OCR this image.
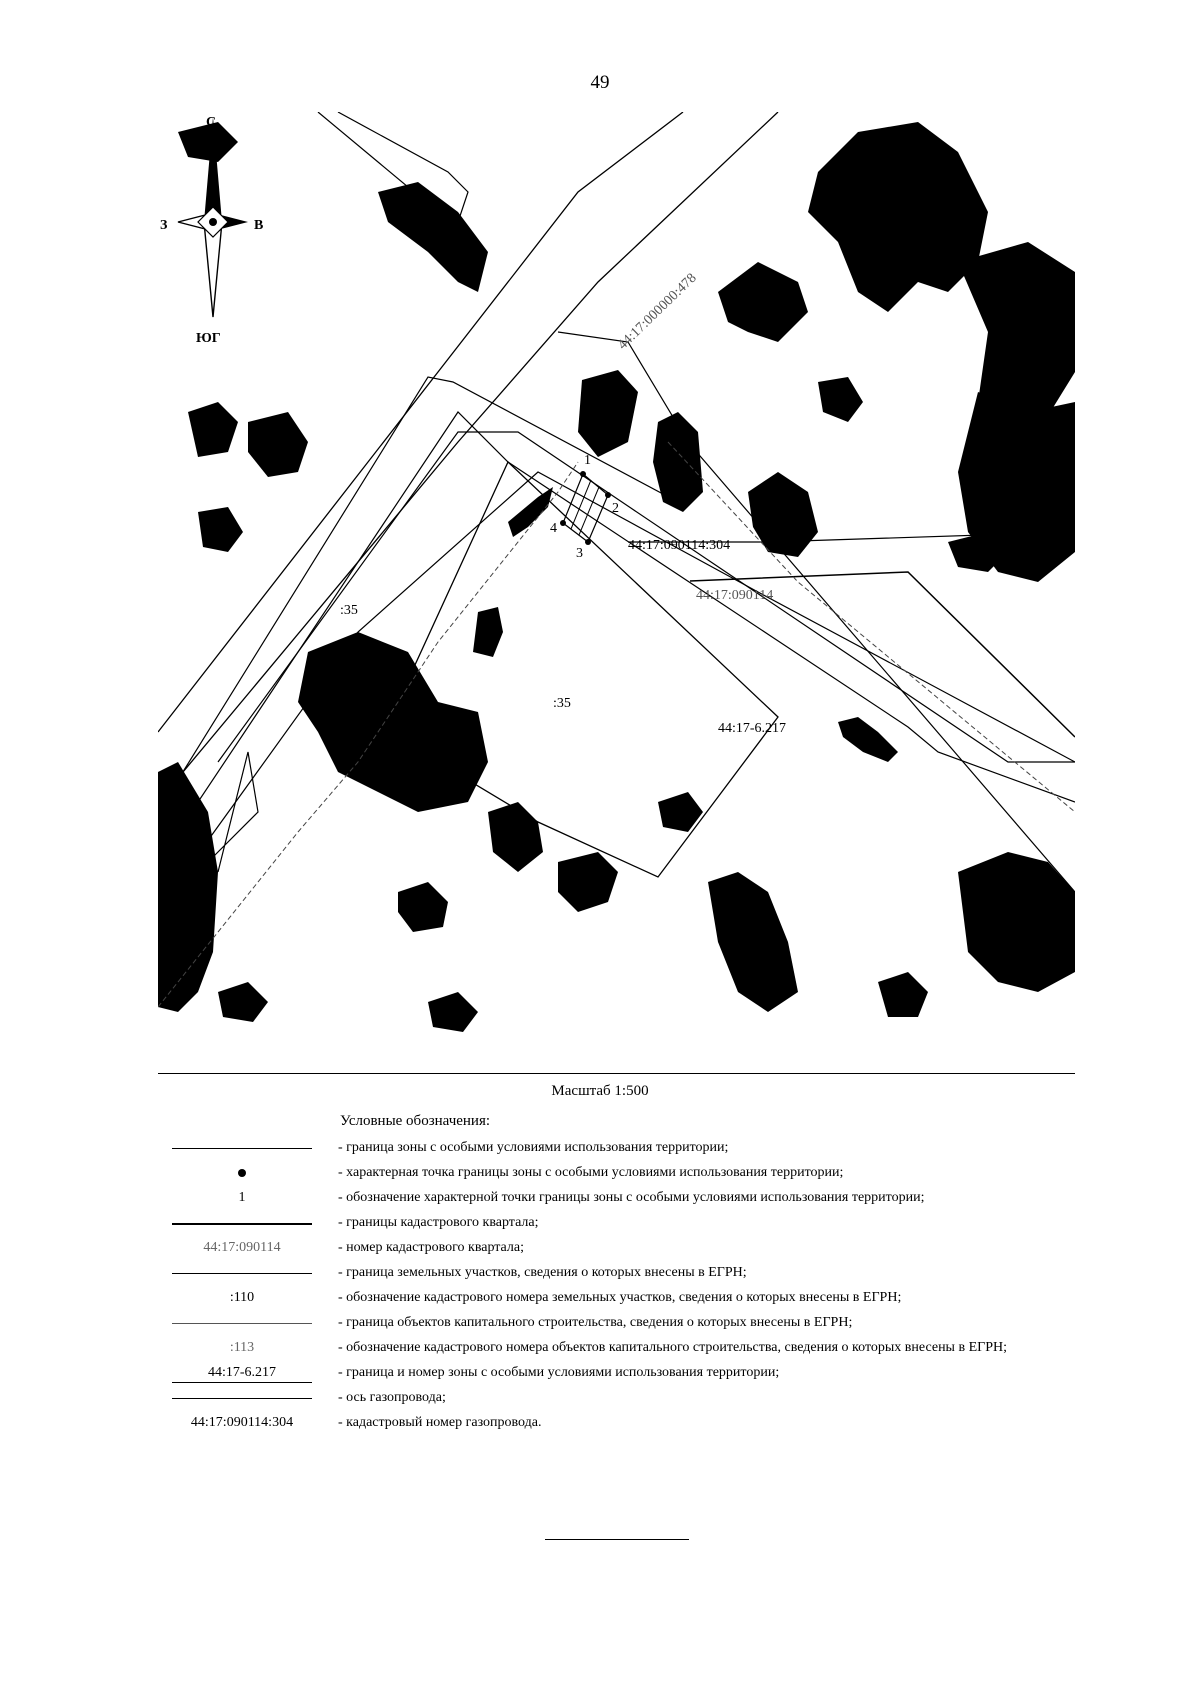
49
1
2
3
4
44:17:000000:478
44:17:090114:304
44:17:090114
44:17-6.217
:35
:35
С
З	В
ЮГ
Масштаб 1:500
Условные обозначения:
- граница зоны с особыми условиями использования территории;
- характерная точка границы зоны с особыми условиями использования территории;
1	- обозначение характерной точки границы зоны с особыми условиями использования территории;
- границы кадастрового квартала;
44:17:090114	- номер кадастрового квартала;
- граница земельных участков, сведения о которых внесены в ЕГРН;
:110	- обозначение кадастрового номера земельных участков, сведения о которых внесены в ЕГРН;
- граница объектов капитального строительства, сведения о которых внесены в ЕГРН;
:113	- обозначение кадастрового номера объектов капитального строительства, сведения о которых внесены в ЕГРН;
44:17-6.217	- граница и номер зоны с особыми условиями использования территории;
- ось газопровода;
44:17:090114:304	- кадастровый номер газопровода.
